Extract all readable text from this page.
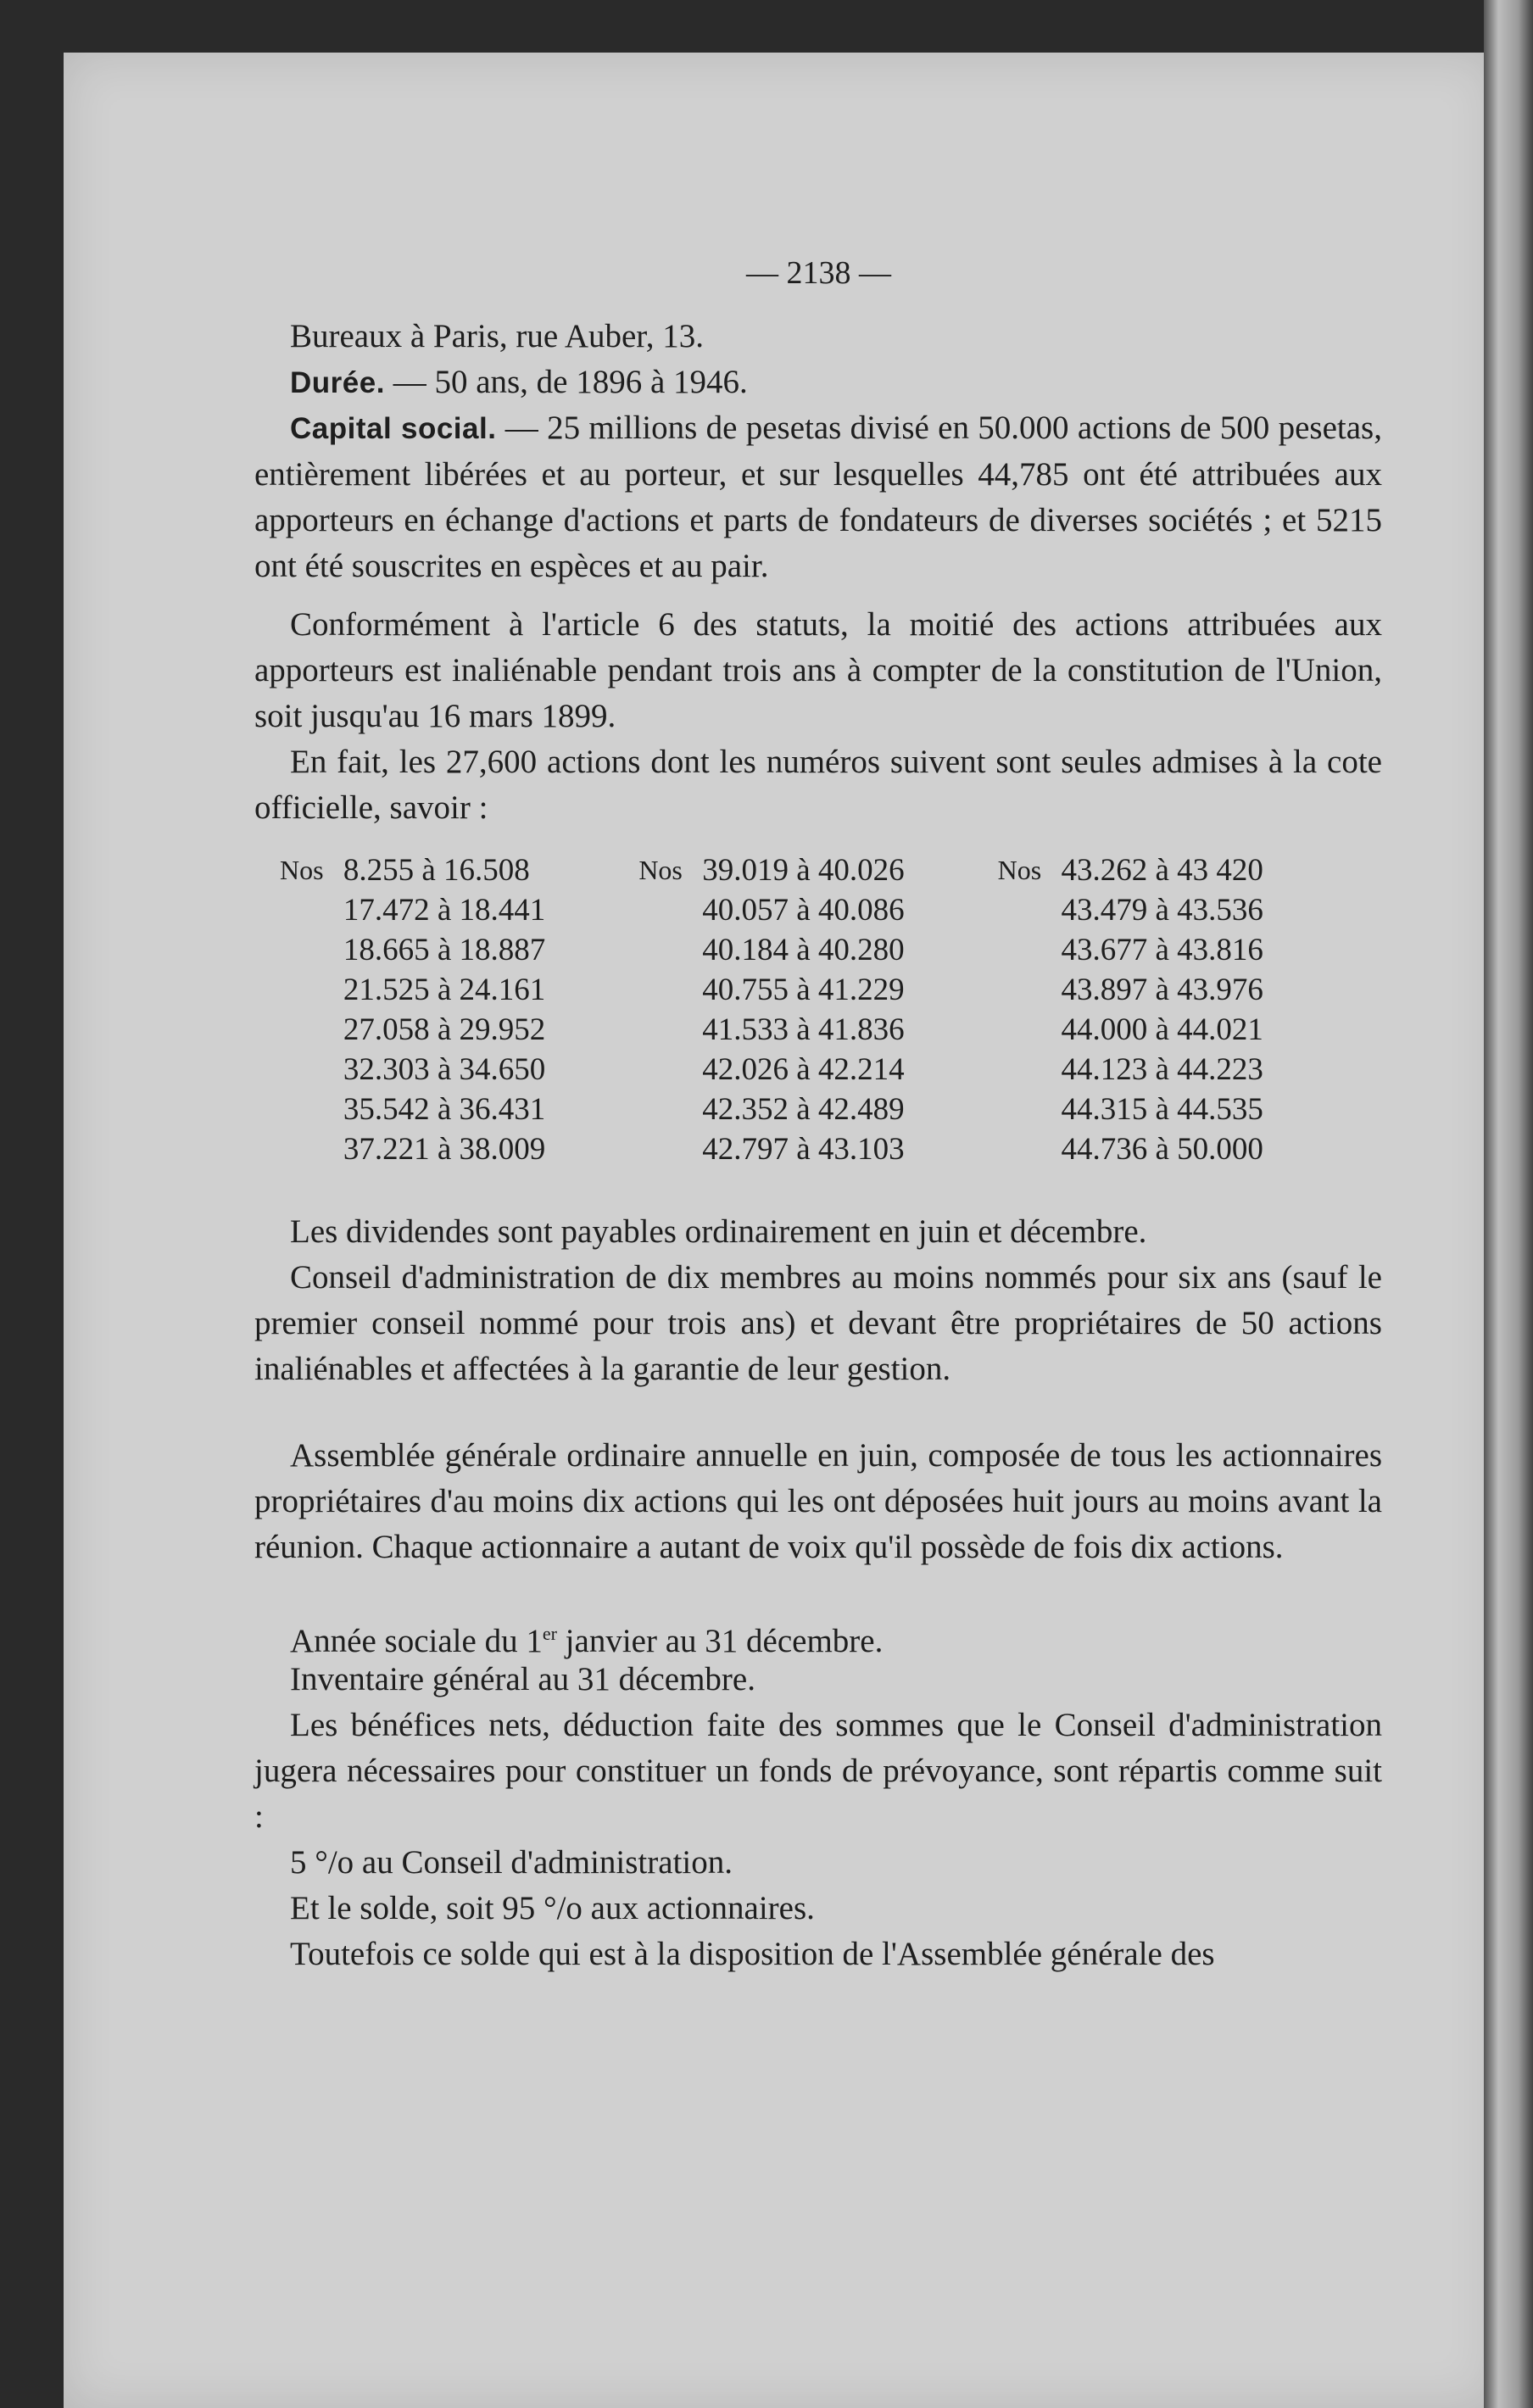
— 2138 —

Bureaux à Paris, rue Auber, 13.

Durée. — 50 ans, de 1896 à 1946.

Capital social. — 25 millions de pesetas divisé en 50.000 actions de 500 pesetas, entièrement libérées et au porteur, et sur lesquelles 44,785 ont été attribuées aux apporteurs en échange d'actions et parts de fondateurs de diverses sociétés ; et 5215 ont été souscrites en espèces et au pair.

Conformément à l'article 6 des statuts, la moitié des actions attribuées aux apporteurs est inaliénable pendant trois ans à compter de la constitution de l'Union, soit jusqu'au 16 mars 1899.

En fait, les 27,600 actions dont les numéros suivent sont seules admises à la cote officielle, savoir :

Nos	8.255 à 16.508	Nos	39.019 à 40.026	Nos	43.262 à 43 420
	17.472 à 18.441		40.057 à 40.086		43.479 à 43.536
	18.665 à 18.887		40.184 à 40.280		43.677 à 43.816
	21.525 à 24.161		40.755 à 41.229		43.897 à 43.976
	27.058 à 29.952		41.533 à 41.836		44.000 à 44.021
	32.303 à 34.650		42.026 à 42.214		44.123 à 44.223
	35.542 à 36.431		42.352 à 42.489		44.315 à 44.535
	37.221 à 38.009		42.797 à 43.103		44.736 à 50.000

Les dividendes sont payables ordinairement en juin et décembre.

Conseil d'administration de dix membres au moins nommés pour six ans (sauf le premier conseil nommé pour trois ans) et devant être propriétaires de 50 actions inaliénables et affectées à la garantie de leur gestion.

Assemblée générale ordinaire annuelle en juin, composée de tous les actionnaires propriétaires d'au moins dix actions qui les ont déposées huit jours au moins avant la réunion. Chaque actionnaire a autant de voix qu'il possède de fois dix actions.

Année sociale du 1er janvier au 31 décembre.

Inventaire général au 31 décembre.

Les bénéfices nets, déduction faite des sommes que le Conseil d'administration jugera nécessaires pour constituer un fonds de prévoyance, sont répartis comme suit :

5 °/o au Conseil d'administration.

Et le solde, soit 95 °/o aux actionnaires.

Toutefois ce solde qui est à la disposition de l'Assemblée générale des
